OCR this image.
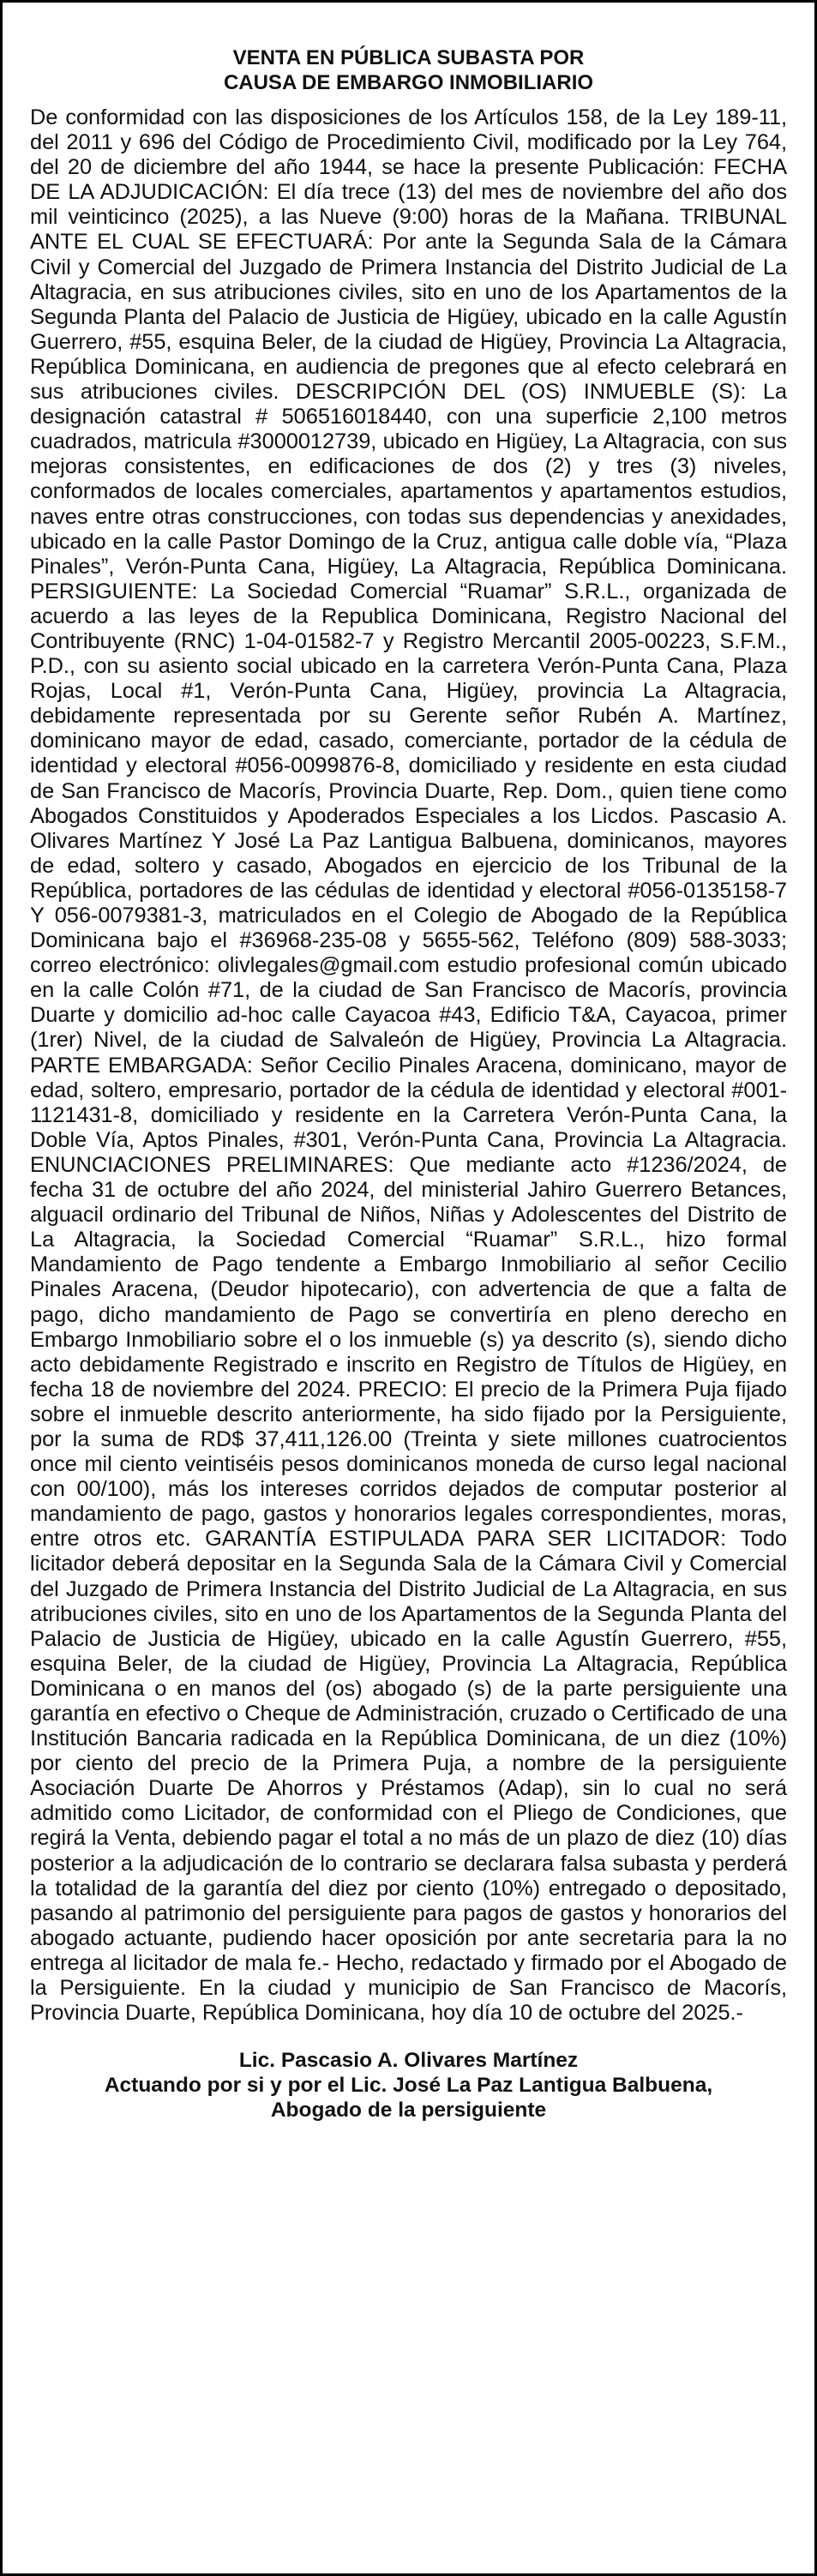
VENTA EN PÚBLICA SUBASTA POR
CAUSA DE EMBARGO INMOBILIARIO

De conformidad con las disposiciones de los Artículos 158, de la Ley 189-11, del 2011 y 696 del Código de Procedimiento Civil, modificado por la Ley 764, del 20 de diciembre del año 1944, se hace la presente Publicación: FECHA DE LA ADJUDICACIÓN: El día trece (13) del mes de noviembre del año dos mil veinticinco (2025), a las Nueve (9:00) horas de la Mañana. TRIBUNAL ANTE EL CUAL SE EFECTUARÁ: Por ante la Segunda Sala de la Cámara Civil y Comercial del Juzgado de Primera Instancia del Distrito Judicial de La Altagracia, en sus atribuciones civiles, sito en uno de los Apartamentos de la Segunda Planta del Palacio de Justicia de Higüey, ubicado en la calle Agustín Guerrero, #55, esquina Beler, de la ciudad de Higüey, Provincia La Altagracia, República Dominicana, en audiencia de pregones que al efecto celebrará en sus atribuciones civiles. DESCRIPCIÓN DEL (OS) INMUEBLE (S): La designación catastral # 506516018440, con una superficie 2,100 metros cuadrados, matricula #3000012739, ubicado en Higüey, La Altagracia, con sus mejoras consistentes, en edificaciones de dos (2) y tres (3) niveles, conformados de locales comerciales, apartamentos y apartamentos estudios, naves entre otras construcciones, con todas sus dependencias y anexidades, ubicado en la calle Pastor Domingo de la Cruz, antigua calle doble vía, “Plaza Pinales”, Verón-Punta Cana, Higüey, La Altagracia, República Dominicana. PERSIGUIENTE: La Sociedad Comercial “Ruamar” S.R.L., organizada de acuerdo a las leyes de la Republica Dominicana, Registro Nacional del Contribuyente (RNC) 1-04-01582-7 y Registro Mercantil 2005-00223, S.F.M., P.D., con su asiento social ubicado en la carretera Verón-Punta Cana, Plaza Rojas, Local #1, Verón-Punta Cana, Higüey, provincia La Altagracia, debidamente representada por su Gerente señor Rubén A. Martínez, dominicano mayor de edad, casado, comerciante, portador de la cédula de identidad y electoral #056-0099876-8, domiciliado y residente en esta ciudad de San Francisco de Macorís, Provincia Duarte, Rep. Dom., quien tiene como Abogados Constituidos y Apoderados Especiales a los Licdos. Pascasio A. Olivares Martínez Y José La Paz Lantigua Balbuena, dominicanos, mayores de edad, soltero y casado, Abogados en ejercicio de los Tribunal de la República, portadores de las cédulas de identidad y electoral #056-0135158-7 Y 056-0079381-3, matriculados en el Colegio de Abogado de la República Dominicana bajo el #36968-235-08 y 5655-562, Teléfono (809) 588-3033; correo electrónico: olivlegales@gmail.com estudio profesional común ubicado en la calle Colón #71, de la ciudad de San Francisco de Macorís, provincia Duarte y domicilio ad-hoc calle Cayacoa #43, Edificio T&A, Cayacoa, primer (1rer) Nivel, de la ciudad de Salvaleón de Higüey, Provincia La Altagracia. PARTE EMBARGADA: Señor Cecilio Pinales Aracena, dominicano, mayor de edad, soltero, empresario, portador de la cédula de identidad y electoral #001-1121431-8, domiciliado y residente en la Carretera Verón-Punta Cana, la Doble Vía, Aptos Pinales, #301, Verón-Punta Cana, Provincia La Altagracia. ENUNCIACIONES PRELIMINARES: Que mediante acto #1236/2024, de fecha 31 de octubre del año 2024, del ministerial Jahiro Guerrero Betances, alguacil ordinario del Tribunal de Niños, Niñas y Adolescentes del Distrito de La Altagracia, la Sociedad Comercial “Ruamar” S.R.L., hizo formal Mandamiento de Pago tendente a Embargo Inmobiliario al señor Cecilio Pinales Aracena, (Deudor hipotecario), con advertencia de que a falta de pago, dicho mandamiento de Pago se convertiría en pleno derecho en Embargo Inmobiliario sobre el o los inmueble (s) ya descrito (s), siendo dicho acto debidamente Registrado e inscrito en Registro de Títulos de Higüey, en fecha 18 de noviembre del 2024. PRECIO: El precio de la Primera Puja fijado sobre el inmueble descrito anteriormente, ha sido fijado por la Persiguiente, por la suma de RD$ 37,411,126.00 (Treinta y siete millones cuatrocientos once mil ciento veintiséis pesos dominicanos moneda de curso legal nacional con 00/100), más los intereses corridos dejados de computar posterior al mandamiento de pago, gastos y honorarios legales correspondientes, moras, entre otros etc. GARANTÍA ESTIPULADA PARA SER LICITADOR: Todo licitador deberá depositar en la Segunda Sala de la Cámara Civil y Comercial del Juzgado de Primera Instancia del Distrito Judicial de La Altagracia, en sus atribuciones civiles, sito en uno de los Apartamentos de la Segunda Planta del Palacio de Justicia de Higüey, ubicado en la calle Agustín Guerrero, #55, esquina Beler, de la ciudad de Higüey, Provincia La Altagracia, República Dominicana o en manos del (os) abogado (s) de la parte persiguiente una garantía en efectivo o Cheque de Administración, cruzado o Certificado de una Institución Bancaria radicada en la República Dominicana, de un diez (10%) por ciento del precio de la Primera Puja, a nombre de la persiguiente Asociación Duarte De Ahorros y Préstamos (Adap), sin lo cual no será admitido como Licitador, de conformidad con el Pliego de Condiciones, que regirá la Venta, debiendo pagar el total a no más de un plazo de diez (10) días posterior a la adjudicación de lo contrario se declarara falsa subasta y perderá la totalidad de la garantía del diez por ciento (10%) entregado o depositado, pasando al patrimonio del persiguiente para pagos de gastos y honorarios del abogado actuante, pudiendo hacer oposición por ante secretaria para la no entrega al licitador de mala fe.- Hecho, redactado y firmado por el Abogado de la Persiguiente. En la ciudad y municipio de San Francisco de Macorís, Provincia Duarte, República Dominicana, hoy día 10 de octubre del 2025.-

Lic. Pascasio A. Olivares Martínez
Actuando por si y por el Lic. José La Paz Lantigua Balbuena,
Abogado de la persiguiente
